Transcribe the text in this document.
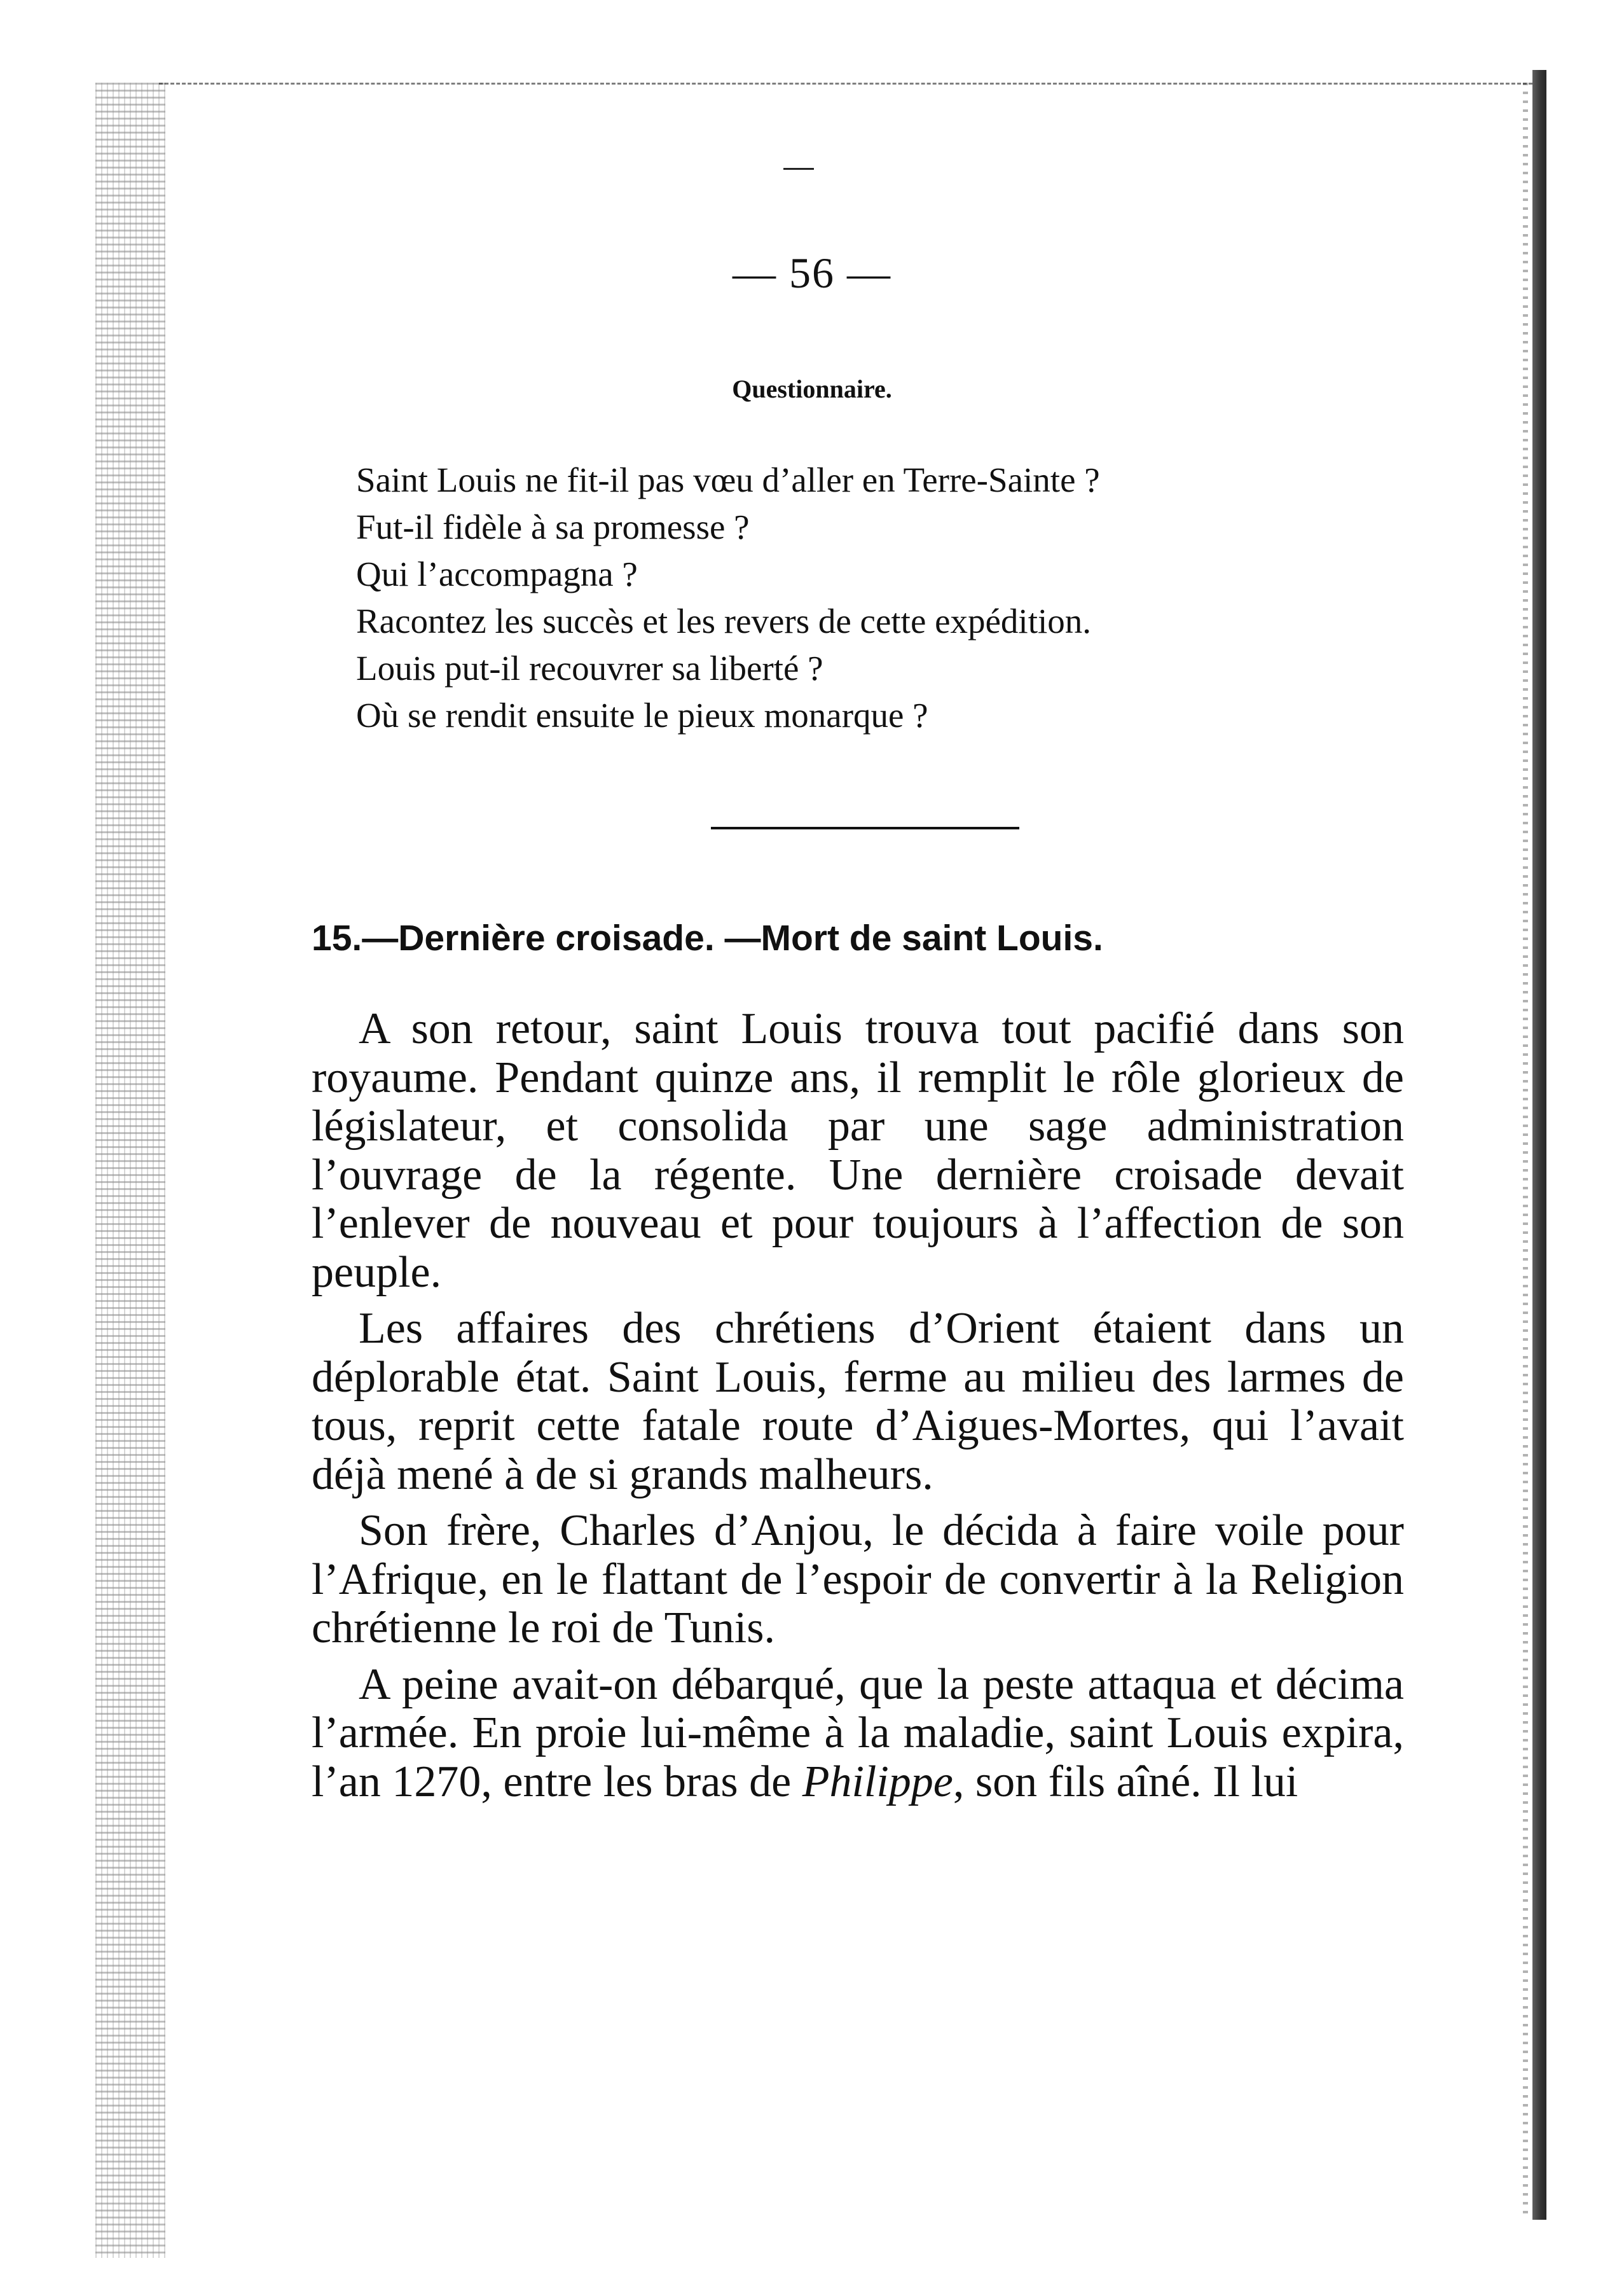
— 56 —
Questionnaire.
Saint Louis ne fit-il pas vœu d’aller en Terre-Sainte ?
Fut-il fidèle à sa promesse ?
Qui l’accompagna ?
Racontez les succès et les revers de cette expédition.
Louis put-il recouvrer sa liberté ?
Où se rendit ensuite le pieux monarque ?
15.—Dernière croisade. —Mort de saint Louis.

A son retour, saint Louis trouva tout pacifié dans son royaume. Pendant quinze ans, il remplit le rôle glorieux de législateur, et consolida par une sage administration l’ouvrage de la régente. Une dernière croisade devait l’enlever de nouveau et pour toujours à l’affection de son peuple.

Les affaires des chrétiens d’Orient étaient dans un déplorable état. Saint Louis, ferme au milieu des larmes de tous, reprit cette fatale route d’Aigues-Mortes, qui l’avait déjà mené à de si grands malheurs.

Son frère, Charles d’Anjou, le décida à faire voile pour l’Afrique, en le flattant de l’espoir de convertir à la Religion chrétienne le roi de Tunis.

A peine avait-on débarqué, que la peste attaqua et décima l’armée. En proie lui-même à la maladie, saint Louis expira, l’an 1270, entre les bras de Philippe, son fils aîné. Il lui
